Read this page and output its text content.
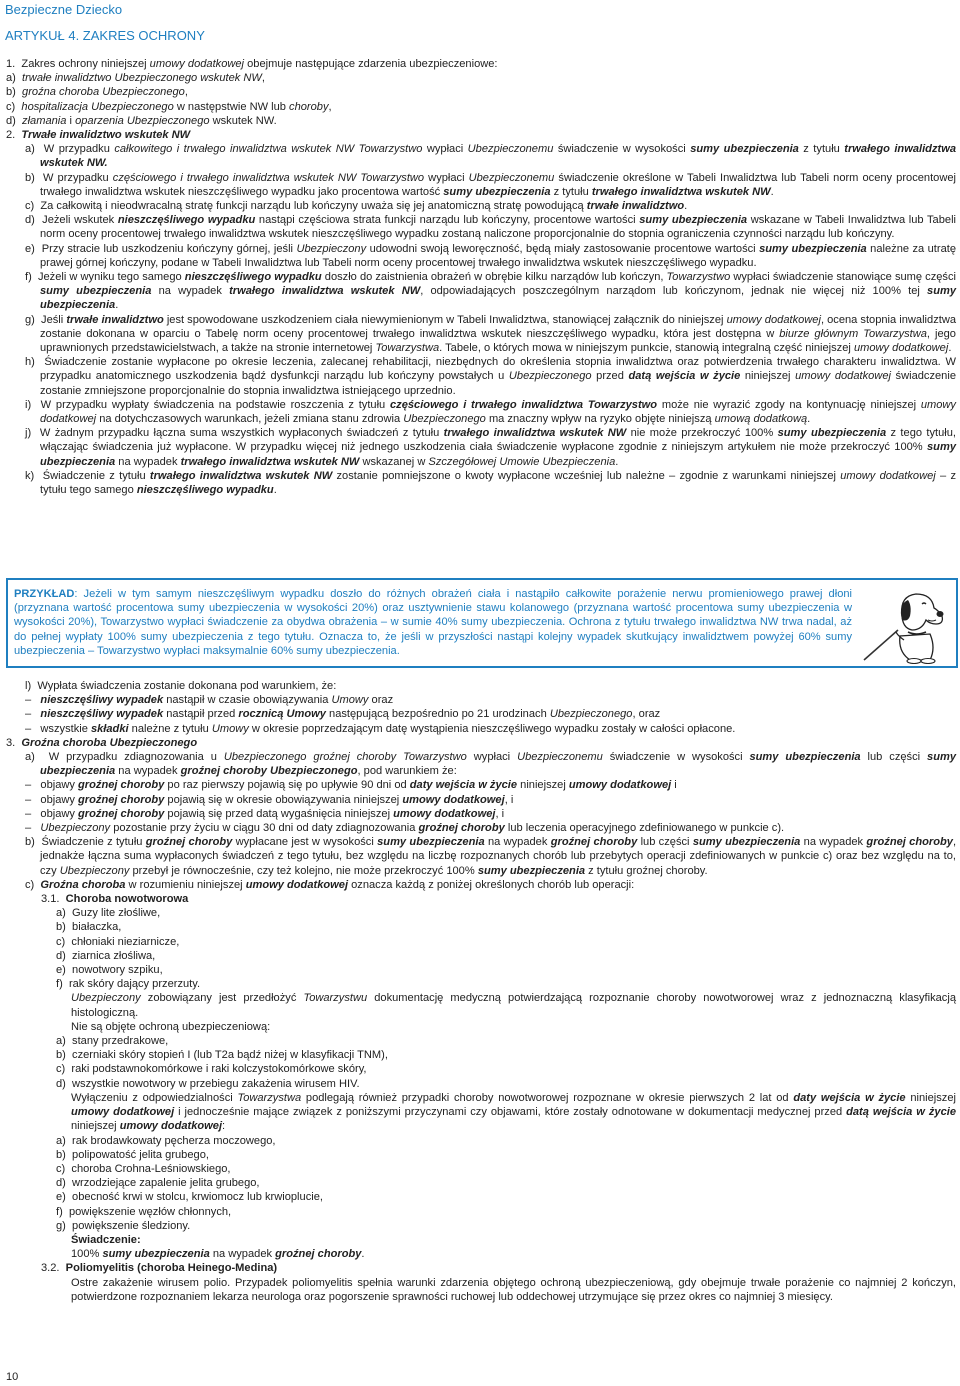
Bezpieczne Dziecko
ARTYKUŁ 4. ZAKRES OCHRONY

1.  Zakres ochrony niniejszej umowy dodatkowej obejmuje następujące zdarzenia ubezpieczeniowe:

a)  trwałe inwalidztwo Ubezpieczonego wskutek NW,

b)  groźna choroba Ubezpieczonego,

c)  hospitalizacja Ubezpieczonego w następstwie NW lub choroby,

d)  złamania i oparzenia Ubezpieczonego wskutek NW.

2.  Trwałe inwalidztwo wskutek NW

a)  W przypadku całkowitego i trwałego inwalidztwa wskutek NW Towarzystwo wypłaci Ubezpieczonemu świadczenie w wysokości sumy ubezpieczenia z tytułu trwałego inwalidztwa wskutek NW.

b)  W przypadku częściowego i trwałego inwalidztwa wskutek NW Towarzystwo wypłaci Ubezpieczonemu świadczenie określone w Tabeli Inwalidztwa lub Tabeli norm oceny procentowej trwałego inwalidztwa wskutek nieszczęśliwego wypadku jako procentowa wartość sumy ubezpieczenia z tytułu trwałego inwalidztwa wskutek NW.

c)  Za całkowitą i nieodwracalną stratę funkcji narządu lub kończyny uważa się jej anatomiczną stratę powodującą trwałe inwalidztwo.

d)  Jeżeli wskutek nieszczęśliwego wypadku nastąpi częściowa strata funkcji narządu lub kończyny, procentowe wartości sumy ubezpieczenia wskazane w Tabeli Inwalidztwa lub Tabeli norm oceny procentowej trwałego inwalidztwa wskutek nieszczęśliwego wypadku zostaną naliczone proporcjonalnie do stopnia ograniczenia czynności narządu lub kończyny.

e)  Przy stracie lub uszkodzeniu kończyny górnej, jeśli Ubezpieczony udowodni swoją leworęczność, będą miały zastosowanie procentowe wartości sumy ubezpieczenia należne za utratę prawej górnej kończyny, podane w Tabeli Inwalidztwa lub Tabeli norm oceny procentowej trwałego inwalidztwa wskutek nieszczęśliwego wypadku.

f)  Jeżeli w wyniku tego samego nieszczęśliwego wypadku doszło do zaistnienia obrażeń w obrębie kilku narządów lub kończyn, Towarzystwo wypłaci świadczenie stanowiące sumę części sumy ubezpieczenia na wypadek trwałego inwalidztwa wskutek NW, odpowiadających poszczególnym narządom lub kończynom, jednak nie więcej niż 100% tej sumy ubezpieczenia.

g)  Jeśli trwałe inwalidztwo jest spowodowane uszkodzeniem ciała niewymienionym w Tabeli Inwalidztwa, stanowiącej załącznik do niniejszej umowy dodatkowej, ocena stopnia inwalidztwa zostanie dokonana w oparciu o Tabelę norm oceny procentowej trwałego inwalidztwa wskutek nieszczęśliwego wypadku, która jest dostępna w biurze głównym Towarzystwa, jego uprawnionych przedstawicielstwach, a także na stronie internetowej Towarzystwa. Tabele, o których mowa w niniejszym punkcie, stanowią integralną część niniejszej umowy dodatkowej.

h)  Świadczenie zostanie wypłacone po okresie leczenia, zalecanej rehabilitacji, niezbędnych do określenia stopnia inwalidztwa oraz potwierdzenia trwałego charakteru inwalidztwa. W przypadku anatomicznego uszkodzenia bądź dysfunkcji narządu lub kończyny powstałych u Ubezpieczonego przed datą wejścia w życie niniejszej umowy dodatkowej świadczenie zostanie zmniejszone proporcjonalnie do stopnia inwalidztwa istniejącego uprzednio.

i)  W przypadku wypłaty świadczenia na podstawie roszczenia z tytułu częściowego i trwałego inwalidztwa Towarzystwo może nie wyrazić zgody na kontynuację niniejszej umowy dodatkowej na dotychczasowych warunkach, jeżeli zmiana stanu zdrowia Ubezpieczonego ma znaczny wpływ na ryzyko objęte niniejszą umową dodatkową.

j)  W żadnym przypadku łączna suma wszystkich wypłaconych świadczeń z tytułu trwałego inwalidztwa wskutek NW nie może przekroczyć 100% sumy ubezpieczenia z tego tytułu, włączając świadczenia już wypłacone. W przypadku więcej niż jednego uszkodzenia ciała świadczenie wypłacone zgodnie z niniejszym artykułem nie może przekroczyć 100% sumy ubezpieczenia na wypadek trwałego inwalidztwa wskutek NW wskazanej w Szczegółowej Umowie Ubezpieczenia.

k)  Świadczenie z tytułu trwałego inwalidztwa wskutek NW zostanie pomniejszone o kwoty wypłacone wcześniej lub należne – zgodnie z warunkami niniejszej umowy dodatkowej – z tytułu tego samego nieszczęśliwego wypadku.

PRZYKŁAD: Jeżeli w tym samym nieszczęśliwym wypadku doszło do różnych obrażeń ciała i nastąpiło całkowite porażenie nerwu promieniowego prawej dłoni (przyznana wartość procentowa sumy ubezpieczenia w wysokości 20%) oraz usztywnienie stawu kolanowego (przyznana wartość procentowa sumy ubezpieczenia w wysokości 20%), Towarzystwo wypłaci świadczenie za obydwa obrażenia – w sumie 40% sumy ubezpieczenia. Ochrona z tytułu trwałego inwalidztwa NW trwa nadal, aż do pełnej wypłaty 100% sumy ubezpieczenia z tego tytułu. Oznacza to, że jeśli w przyszłości nastąpi kolejny wypadek skutkujący inwalidztwem powyżej 60% sumy ubezpieczenia – Towarzystwo wypłaci maksymalnie 60% sumy ubezpieczenia.

l)  Wypłata świadczenia zostanie dokonana pod warunkiem, że:

–   nieszczęśliwy wypadek nastąpił w czasie obowiązywania Umowy oraz

–   nieszczęśliwy wypadek nastąpił przed rocznicą Umowy następującą bezpośrednio po 21 urodzinach Ubezpieczonego, oraz

–   wszystkie składki należne z tytułu Umowy w okresie poprzedzającym datę wystąpienia nieszczęśliwego wypadku zostały w całości opłacone.

3.  Groźna choroba Ubezpieczonego

a)  W przypadku zdiagnozowania u Ubezpieczonego groźnej choroby Towarzystwo wypłaci Ubezpieczonemu świadczenie w wysokości sumy ubezpieczenia lub części sumy ubezpieczenia na wypadek groźnej choroby Ubezpieczonego, pod warunkiem że:

–   objawy groźnej choroby po raz pierwszy pojawią się po upływie 90 dni od daty wejścia w życie niniejszej umowy dodatkowej i

–   objawy groźnej choroby pojawią się w okresie obowiązywania niniejszej umowy dodatkowej, i

–   objawy groźnej choroby pojawią się przed datą wygaśnięcia niniejszej umowy dodatkowej, i

–   Ubezpieczony pozostanie przy życiu w ciągu 30 dni od daty zdiagnozowania groźnej choroby lub leczenia operacyjnego zdefiniowanego w punkcie c).

b)  Świadczenie z tytułu groźnej choroby wypłacane jest w wysokości sumy ubezpieczenia na wypadek groźnej choroby lub części sumy ubezpieczenia na wypadek groźnej choroby, jednakże łączna suma wypłaconych świadczeń z tego tytułu, bez względu na liczbę rozpoznanych chorób lub przebytych operacji zdefiniowanych w punkcie c) oraz bez względu na to, czy Ubezpieczony przebył je równocześnie, czy też kolejno, nie może przekroczyć 100% sumy ubezpieczenia z tytułu groźnej choroby.

c)  Groźna choroba w rozumieniu niniejszej umowy dodatkowej oznacza każdą z poniżej określonych chorób lub operacji:

3.1.  Choroba nowotworowa

a)  Guzy lite złośliwe,

b)  białaczka,

c)  chłoniaki nieziarnicze,

d)  ziarnica złośliwa,

e)  nowotwory szpiku,

f)  rak skóry dający przerzuty.

Ubezpieczony zobowiązany jest przedłożyć Towarzystwu dokumentację medyczną potwierdzającą rozpoznanie choroby nowotworowej wraz z jednoznaczną klasyfikacją histologiczną.

Nie są objęte ochroną ubezpieczeniową:

a)  stany przedrakowe,

b)  czerniaki skóry stopień I (lub T2a bądź niżej w klasyfikacji TNM),

c)  raki podstawnokomórkowe i raki kolczystokomórkowe skóry,

d)  wszystkie nowotwory w przebiegu zakażenia wirusem HIV.

Wyłączeniu z odpowiedzialności Towarzystwa podlegają również przypadki choroby nowotworowej rozpoznane w okresie pierwszych 2 lat od daty wejścia w życie niniejszej umowy dodatkowej i jednocześnie mające związek z poniższymi przyczynami czy objawami, które zostały odnotowane w dokumentacji medycznej przed datą wejścia w życie niniejszej umowy dodatkowej:

a)  rak brodawkowaty pęcherza moczowego,

b)  polipowatość jelita grubego,

c)  choroba Crohna-Leśniowskiego,

d)  wrzodziejące zapalenie jelita grubego,

e)  obecność krwi w stolcu, krwiomocz lub krwioplucie,

f)  powiększenie węzłów chłonnych,

g)  powiększenie śledziony.

Świadczenie:

100% sumy ubezpieczenia na wypadek groźnej choroby.

3.2.  Poliomyelitis (choroba Heinego-Medina)

Ostre zakażenie wirusem polio. Przypadek poliomyelitis spełnia warunki zdarzenia objętego ochroną ubezpieczeniową, gdy obejmuje trwałe porażenie co najmniej 2 kończyn, potwierdzone rozpoznaniem lekarza neurologa oraz pogorszenie sprawności ruchowej lub oddechowej utrzymujące się przez okres co najmniej 3 miesięcy.

10
